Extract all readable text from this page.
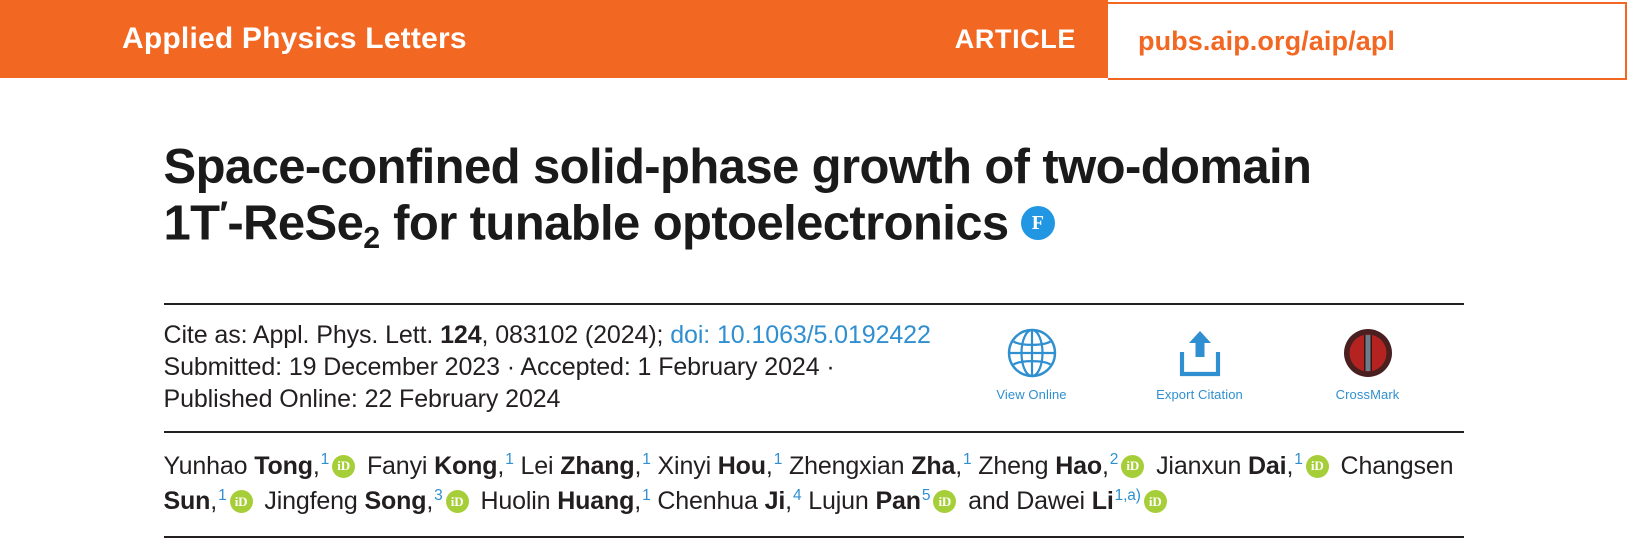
Applied Physics Letters	ARTICLE pubs.aip.org/aip/apl
Space-confined solid-phase growth of two-domain
1T′-ReSe$_2$ for tunable optoelectronics F
Cite as: Appl. Phys. Lett. 124, 083102 (2024); doi: 10.1063/5.0192422
Submitted: 19 December 2023 · Accepted: 1 February 2024 ·
Published Online: 22 February 2024	View Online	Export Citation	CrossMark
Yunhao Tong,$^1$ iD Fanyi Kong,$^1$ Lei Zhang,$^1$ Xinyi Hou,$^1$ Zhengxian Zha,$^1$ Zheng Hao,$^2$iD Jianxun Dai,$^1$ iD Changsen Sun,$^1$ iD Jingfeng Song,$^3$ iD Huolin Huang,$^1$ Chenhua Ji,$^4$ Lujun Pan$^5$ iD and Dawei Li$^{1,a)}$iD
